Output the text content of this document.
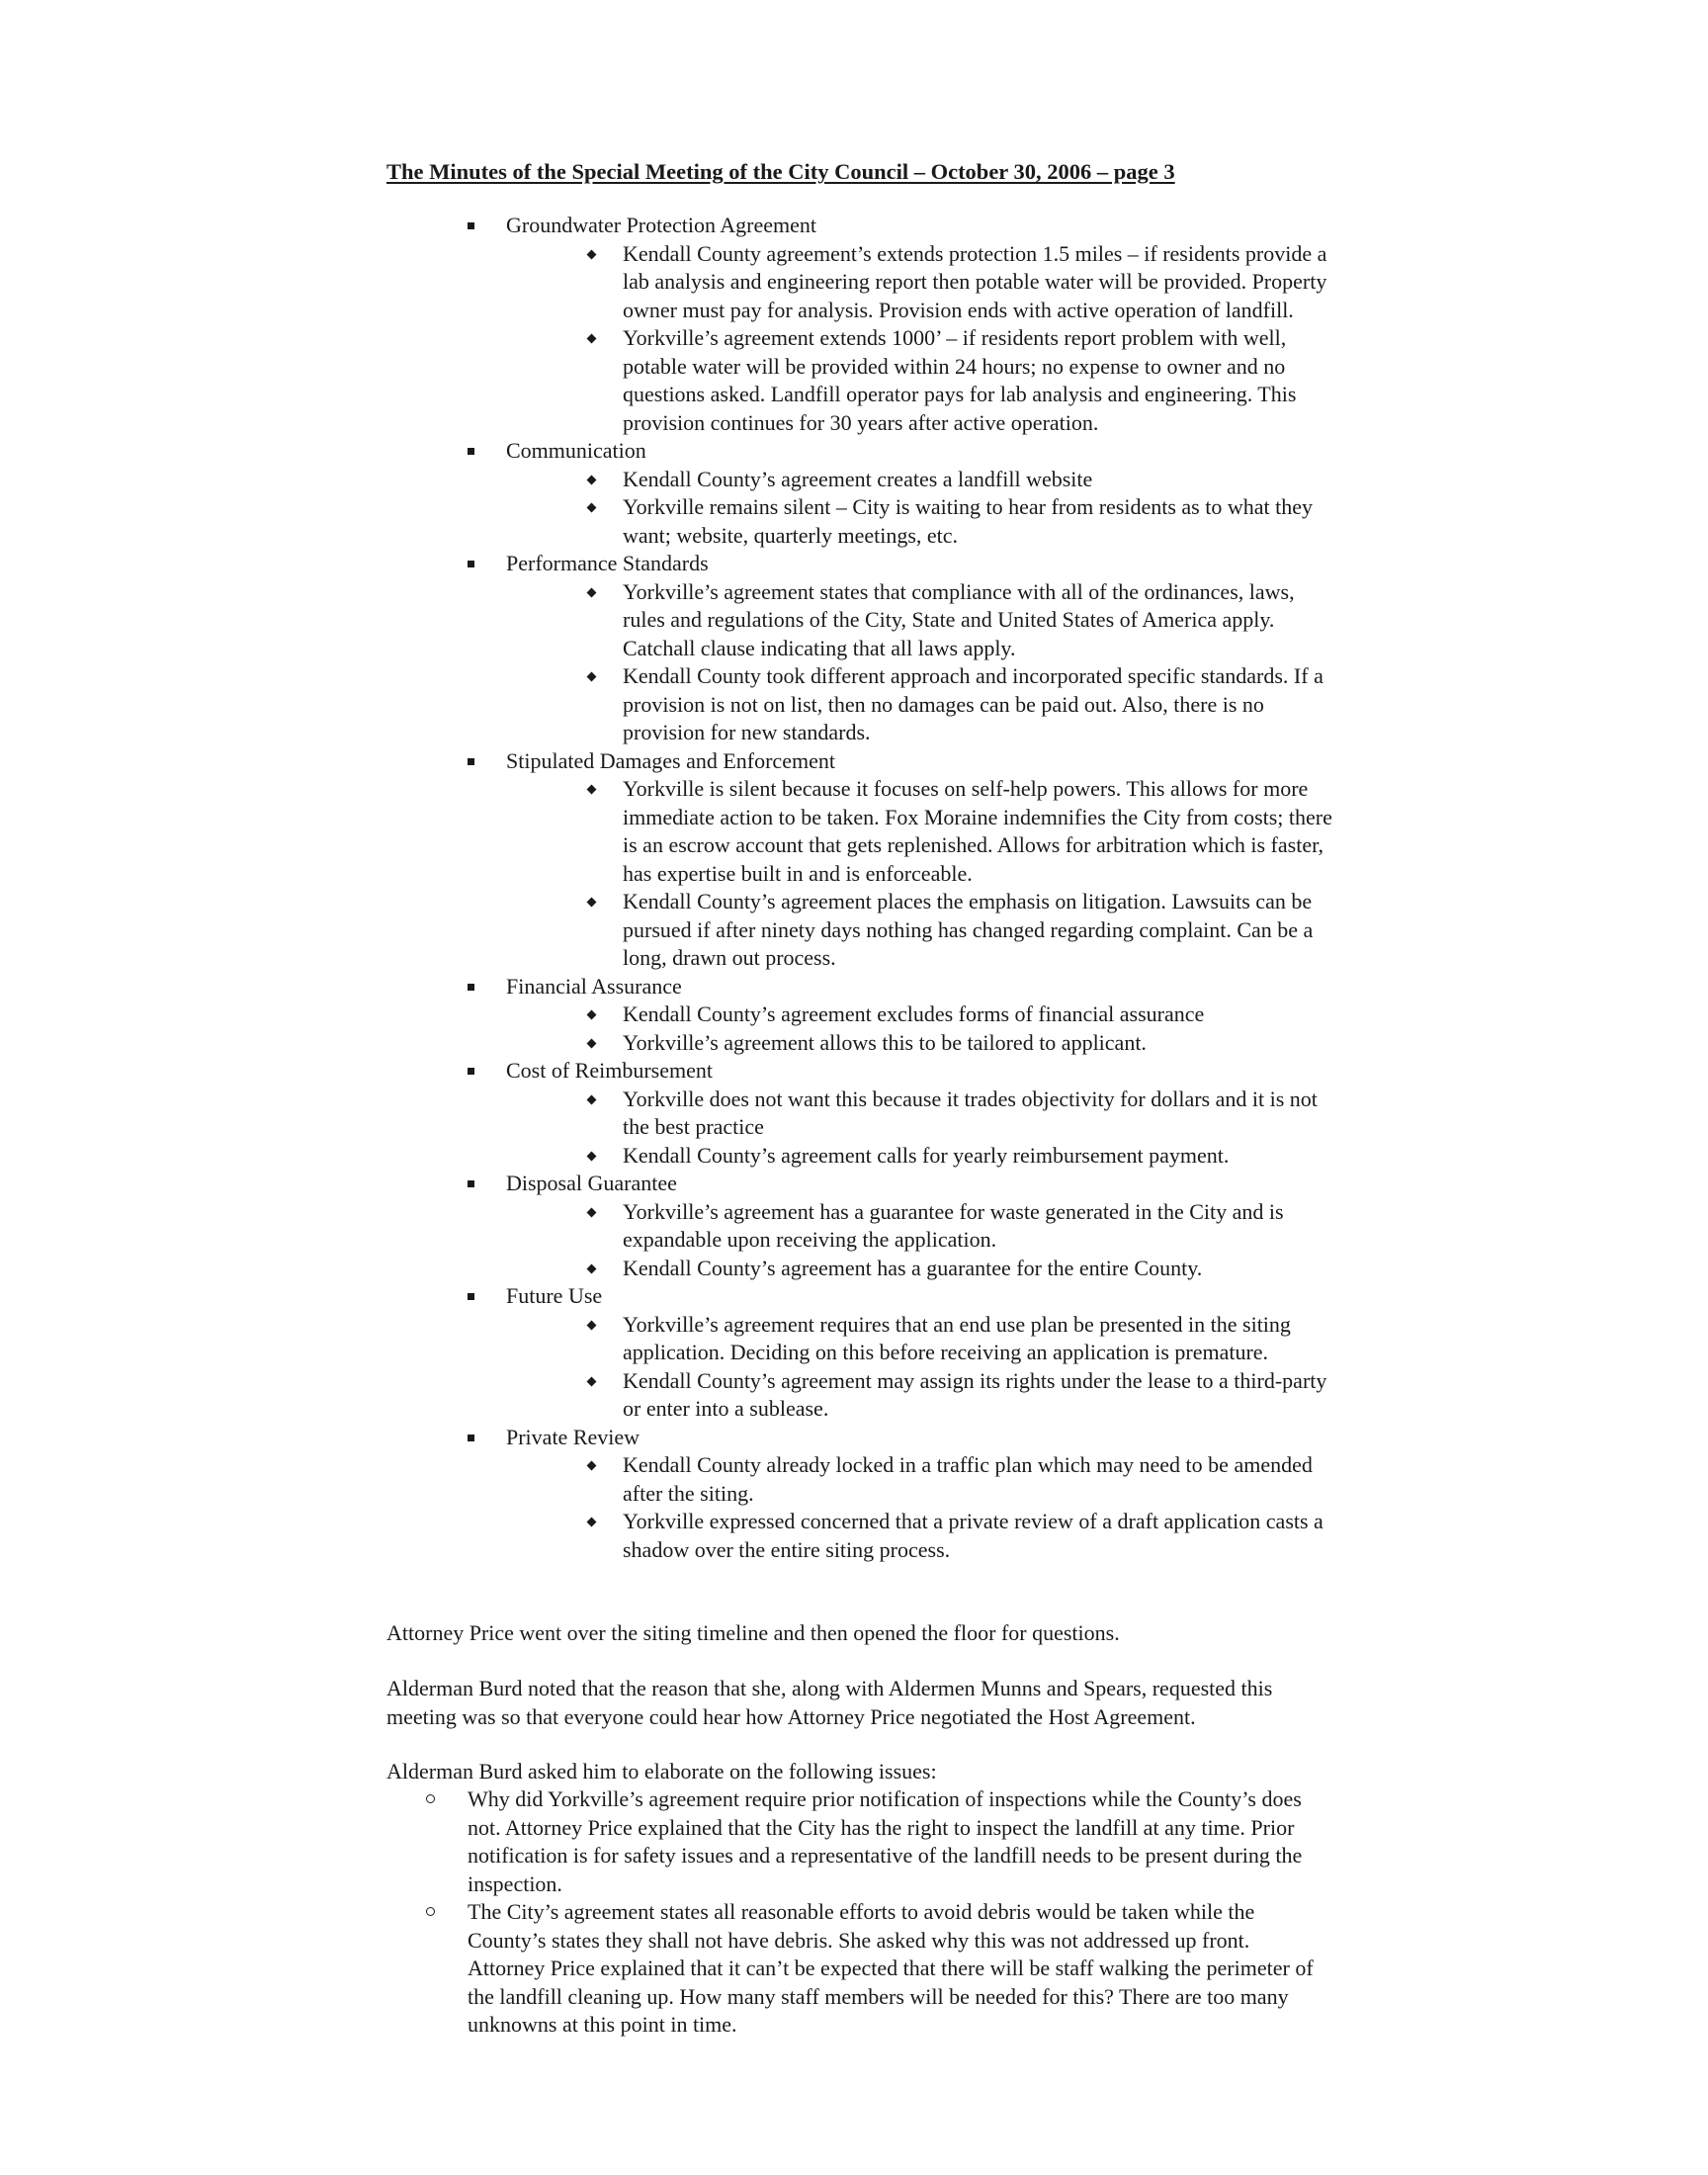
The Minutes of the Special Meeting of the City Council – October 30, 2006 – page 3
Groundwater Protection Agreement
Kendall County agreement’s extends protection 1.5 miles – if residents provide a lab analysis and engineering report then potable water will be provided. Property owner must pay for analysis. Provision ends with active operation of landfill.
Yorkville’s agreement extends 1000’ – if residents report problem with well, potable water will be provided within 24 hours; no expense to owner and no questions asked. Landfill operator pays for lab analysis and engineering. This provision continues for 30 years after active operation.
Communication
Kendall County’s agreement creates a landfill website
Yorkville remains silent – City is waiting to hear from residents as to what they want; website, quarterly meetings, etc.
Performance Standards
Yorkville’s agreement states that compliance with all of the ordinances, laws, rules and regulations of the City, State and United States of America apply. Catchall clause indicating that all laws apply.
Kendall County took different approach and incorporated specific standards. If a provision is not on list, then no damages can be paid out. Also, there is no provision for new standards.
Stipulated Damages and Enforcement
Yorkville is silent because it focuses on self-help powers. This allows for more immediate action to be taken. Fox Moraine indemnifies the City from costs; there is an escrow account that gets replenished. Allows for arbitration which is faster, has expertise built in and is enforceable.
Kendall County’s agreement places the emphasis on litigation. Lawsuits can be pursued if after ninety days nothing has changed regarding complaint. Can be a long, drawn out process.
Financial Assurance
Kendall County’s agreement excludes forms of financial assurance
Yorkville’s agreement allows this to be tailored to applicant.
Cost of Reimbursement
Yorkville does not want this because it trades objectivity for dollars and it is not the best practice
Kendall County’s agreement calls for yearly reimbursement payment.
Disposal Guarantee
Yorkville’s agreement has a guarantee for waste generated in the City and is expandable upon receiving the application.
Kendall County’s agreement has a guarantee for the entire County.
Future Use
Yorkville’s agreement requires that an end use plan be presented in the siting application. Deciding on this before receiving an application is premature.
Kendall County’s agreement may assign its rights under the lease to a third-party or enter into a sublease.
Private Review
Kendall County already locked in a traffic plan which may need to be amended after the siting.
Yorkville expressed concerned that a private review of a draft application casts a shadow over the entire siting process.

Attorney Price went over the siting timeline and then opened the floor for questions.

Alderman Burd noted that the reason that she, along with Aldermen Munns and Spears, requested this meeting was so that everyone could hear how Attorney Price negotiated the Host Agreement.

Alderman Burd asked him to elaborate on the following issues:

Why did Yorkville’s agreement require prior notification of inspections while the County’s does not. Attorney Price explained that the City has the right to inspect the landfill at any time. Prior notification is for safety issues and a representative of the landfill needs to be present during the inspection.
The City’s agreement states all reasonable efforts to avoid debris would be taken while the County’s states they shall not have debris. She asked why this was not addressed up front. Attorney Price explained that it can’t be expected that there will be staff walking the perimeter of the landfill cleaning up. How many staff members will be needed for this? There are too many unknowns at this point in time.
